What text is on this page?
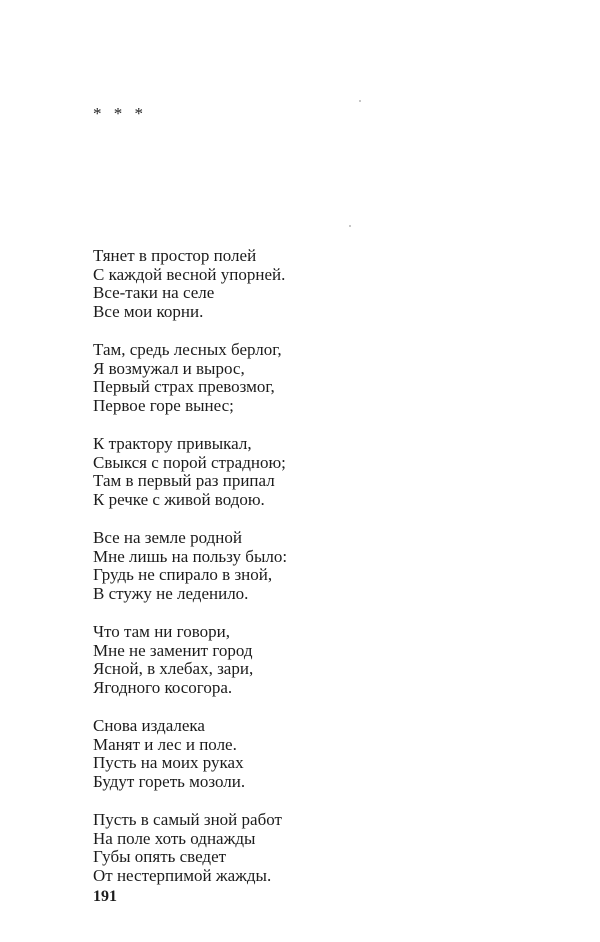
* * *
Тянет в простор полей
С каждой весной упорней.
Все-таки на селе
Все мои корни.
Там, средь лесных берлог,
Я возмужал и вырос,
Первый страх превозмог,
Первое горе вынес;
К трактору привыкал,
Свыкся с порой страдною;
Там в первый раз припал
К речке с живой водою.
Все на земле родной
Мне лишь на пользу было:
Грудь не спирало в зной,
В стужу не леденило.
Что там ни говори,
Мне не заменит город
Ясной, в хлебах, зари,
Ягодного косогора.
Снова издалека
Манят и лес и поле.
Пусть на моих руках
Будут гореть мозоли.
Пусть в самый зной работ
На поле хоть однажды
Губы опять сведет
От нестерпимой жажды.
191
